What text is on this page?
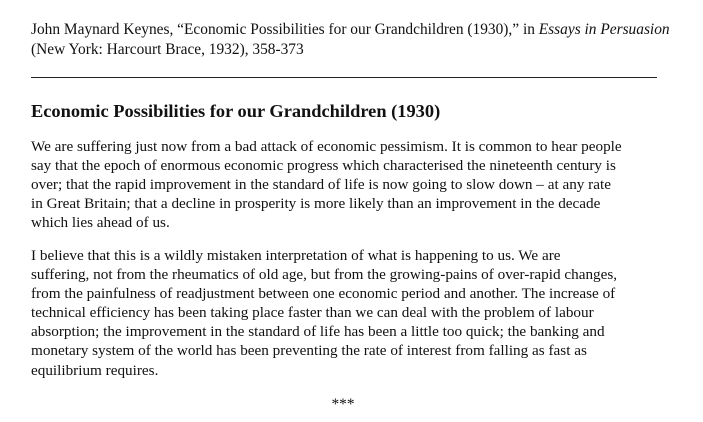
John Maynard Keynes, “Economic Possibilities for our Grandchildren (1930),” in Essays in Persuasion (New York: Harcourt Brace, 1932), 358-373
Economic Possibilities for our Grandchildren (1930)

We are suffering just now from a bad attack of economic pessimism. It is common to hear people
say that the epoch of enormous economic progress which characterised the nineteenth century is
over; that the rapid improvement in the standard of life is now going to slow down – at any rate
in Great Britain; that a decline in prosperity is more likely than an improvement in the decade
which lies ahead of us.

I believe that this is a wildly mistaken interpretation of what is happening to us. We are
suffering, not from the rheumatics of old age, but from the growing-pains of over-rapid changes,
from the painfulness of readjustment between one economic period and another. The increase of
technical efficiency has been taking place faster than we can deal with the problem of labour
absorption; the improvement in the standard of life has been a little too quick; the banking and
monetary system of the world has been preventing the rate of interest from falling as fast as
equilibrium requires.

***
